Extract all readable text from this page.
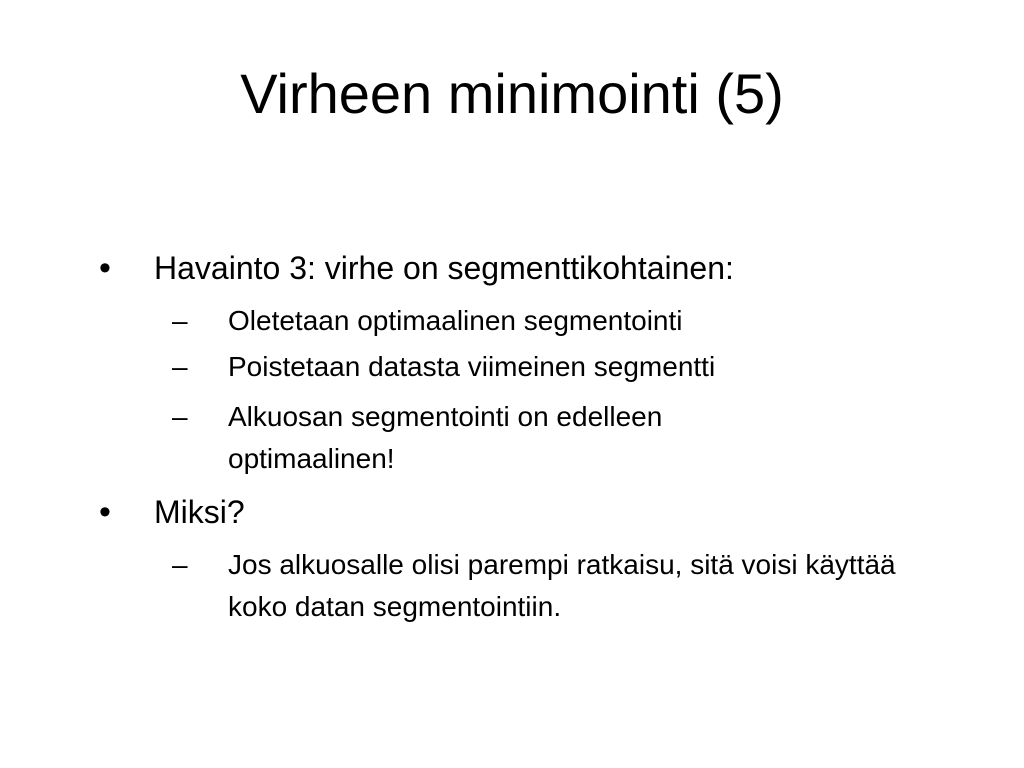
Virheen minimointi (5)
• Havainto 3: virhe on segmenttikohtainen:
– Oletetaan optimaalinen segmentointi
– Poistetaan datasta viimeinen segmentti
– Alkuosan segmentointi on edelleen optimaalinen!
• Miksi?
– Jos alkuosalle olisi parempi ratkaisu, sitä voisi käyttää koko datan segmentointiin.
